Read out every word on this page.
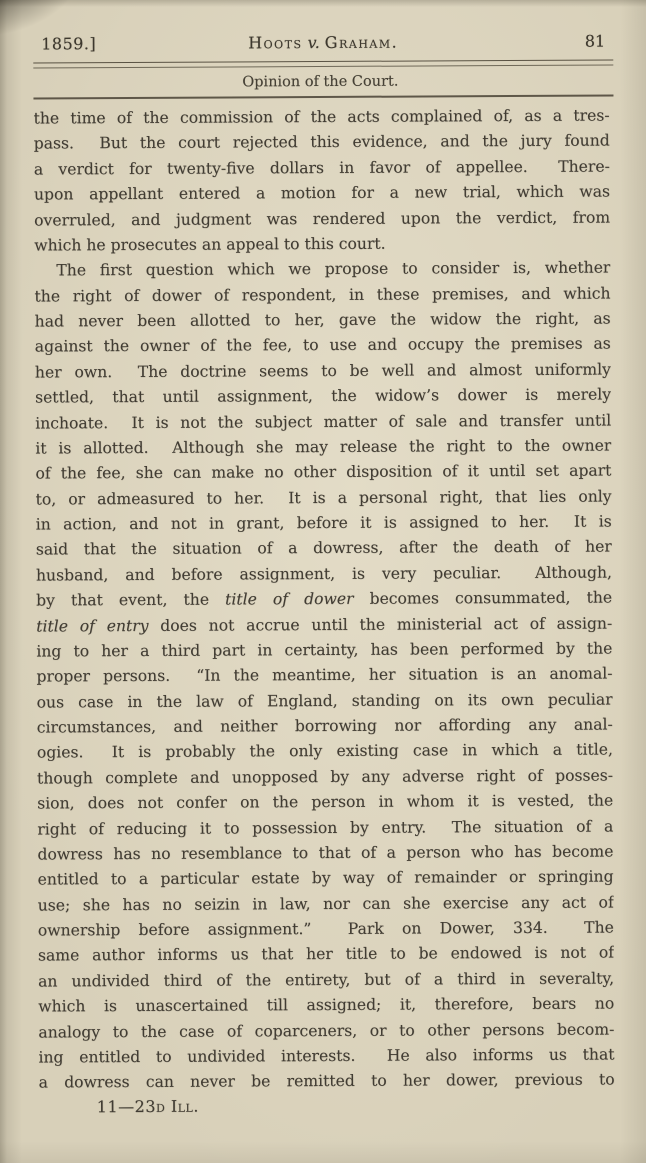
1859.]	Hoots v. Graham.	81
Opinion of the Court.
the time of the commission of the acts complained of, as a tres-
pass.  But the court rejected this evidence, and the jury found
a verdict for twenty-five dollars in favor of appellee.  There-
upon appellant entered a motion for a new trial, which was
overruled, and judgment was rendered upon the verdict, from
which he prosecutes an appeal to this court.
The first question which we propose to consider is, whether
the right of dower of respondent, in these premises, and which
had never been allotted to her, gave the widow the right, as
against the owner of the fee, to use and occupy the premises as
her own.  The doctrine seems to be well and almost uniformly
settled, that until assignment, the widow’s dower is merely
inchoate.  It is not the subject matter of sale and transfer until
it is allotted.  Although she may release the right to the owner
of the fee, she can make no other disposition of it until set apart
to, or admeasured to her.  It is a personal right, that lies only
in action, and not in grant, before it is assigned to her.  It is
said that the situation of a dowress, after the death of her
husband, and before assignment, is very peculiar.  Although,
by that event, the title of dower becomes consummated, the
title of entry does not accrue until the ministerial act of assign-
ing to her a third part in certainty, has been performed by the
proper persons.  “In the meantime, her situation is an anomal-
ous case in the law of England, standing on its own peculiar
circumstances, and neither borrowing nor affording any anal-
ogies.  It is probably the only existing case in which a title,
though complete and unopposed by any adverse right of posses-
sion, does not confer on the person in whom it is vested, the
right of reducing it to possession by entry.  The situation of a
dowress has no resemblance to that of a person who has become
entitled to a particular estate by way of remainder or springing
use; she has no seizin in law, nor can she exercise any act of
ownership before assignment.”  Park on Dower, 334.  The
same author informs us that her title to be endowed is not of
an undivided third of the entirety, but of a third in severalty,
which is unascertained till assigned; it, therefore, bears no
analogy to the case of coparceners, or to other persons becom-
ing entitled to undivided interests.  He also informs us that
a dowress can never be remitted to her dower, previous to
11—23d Ill.
